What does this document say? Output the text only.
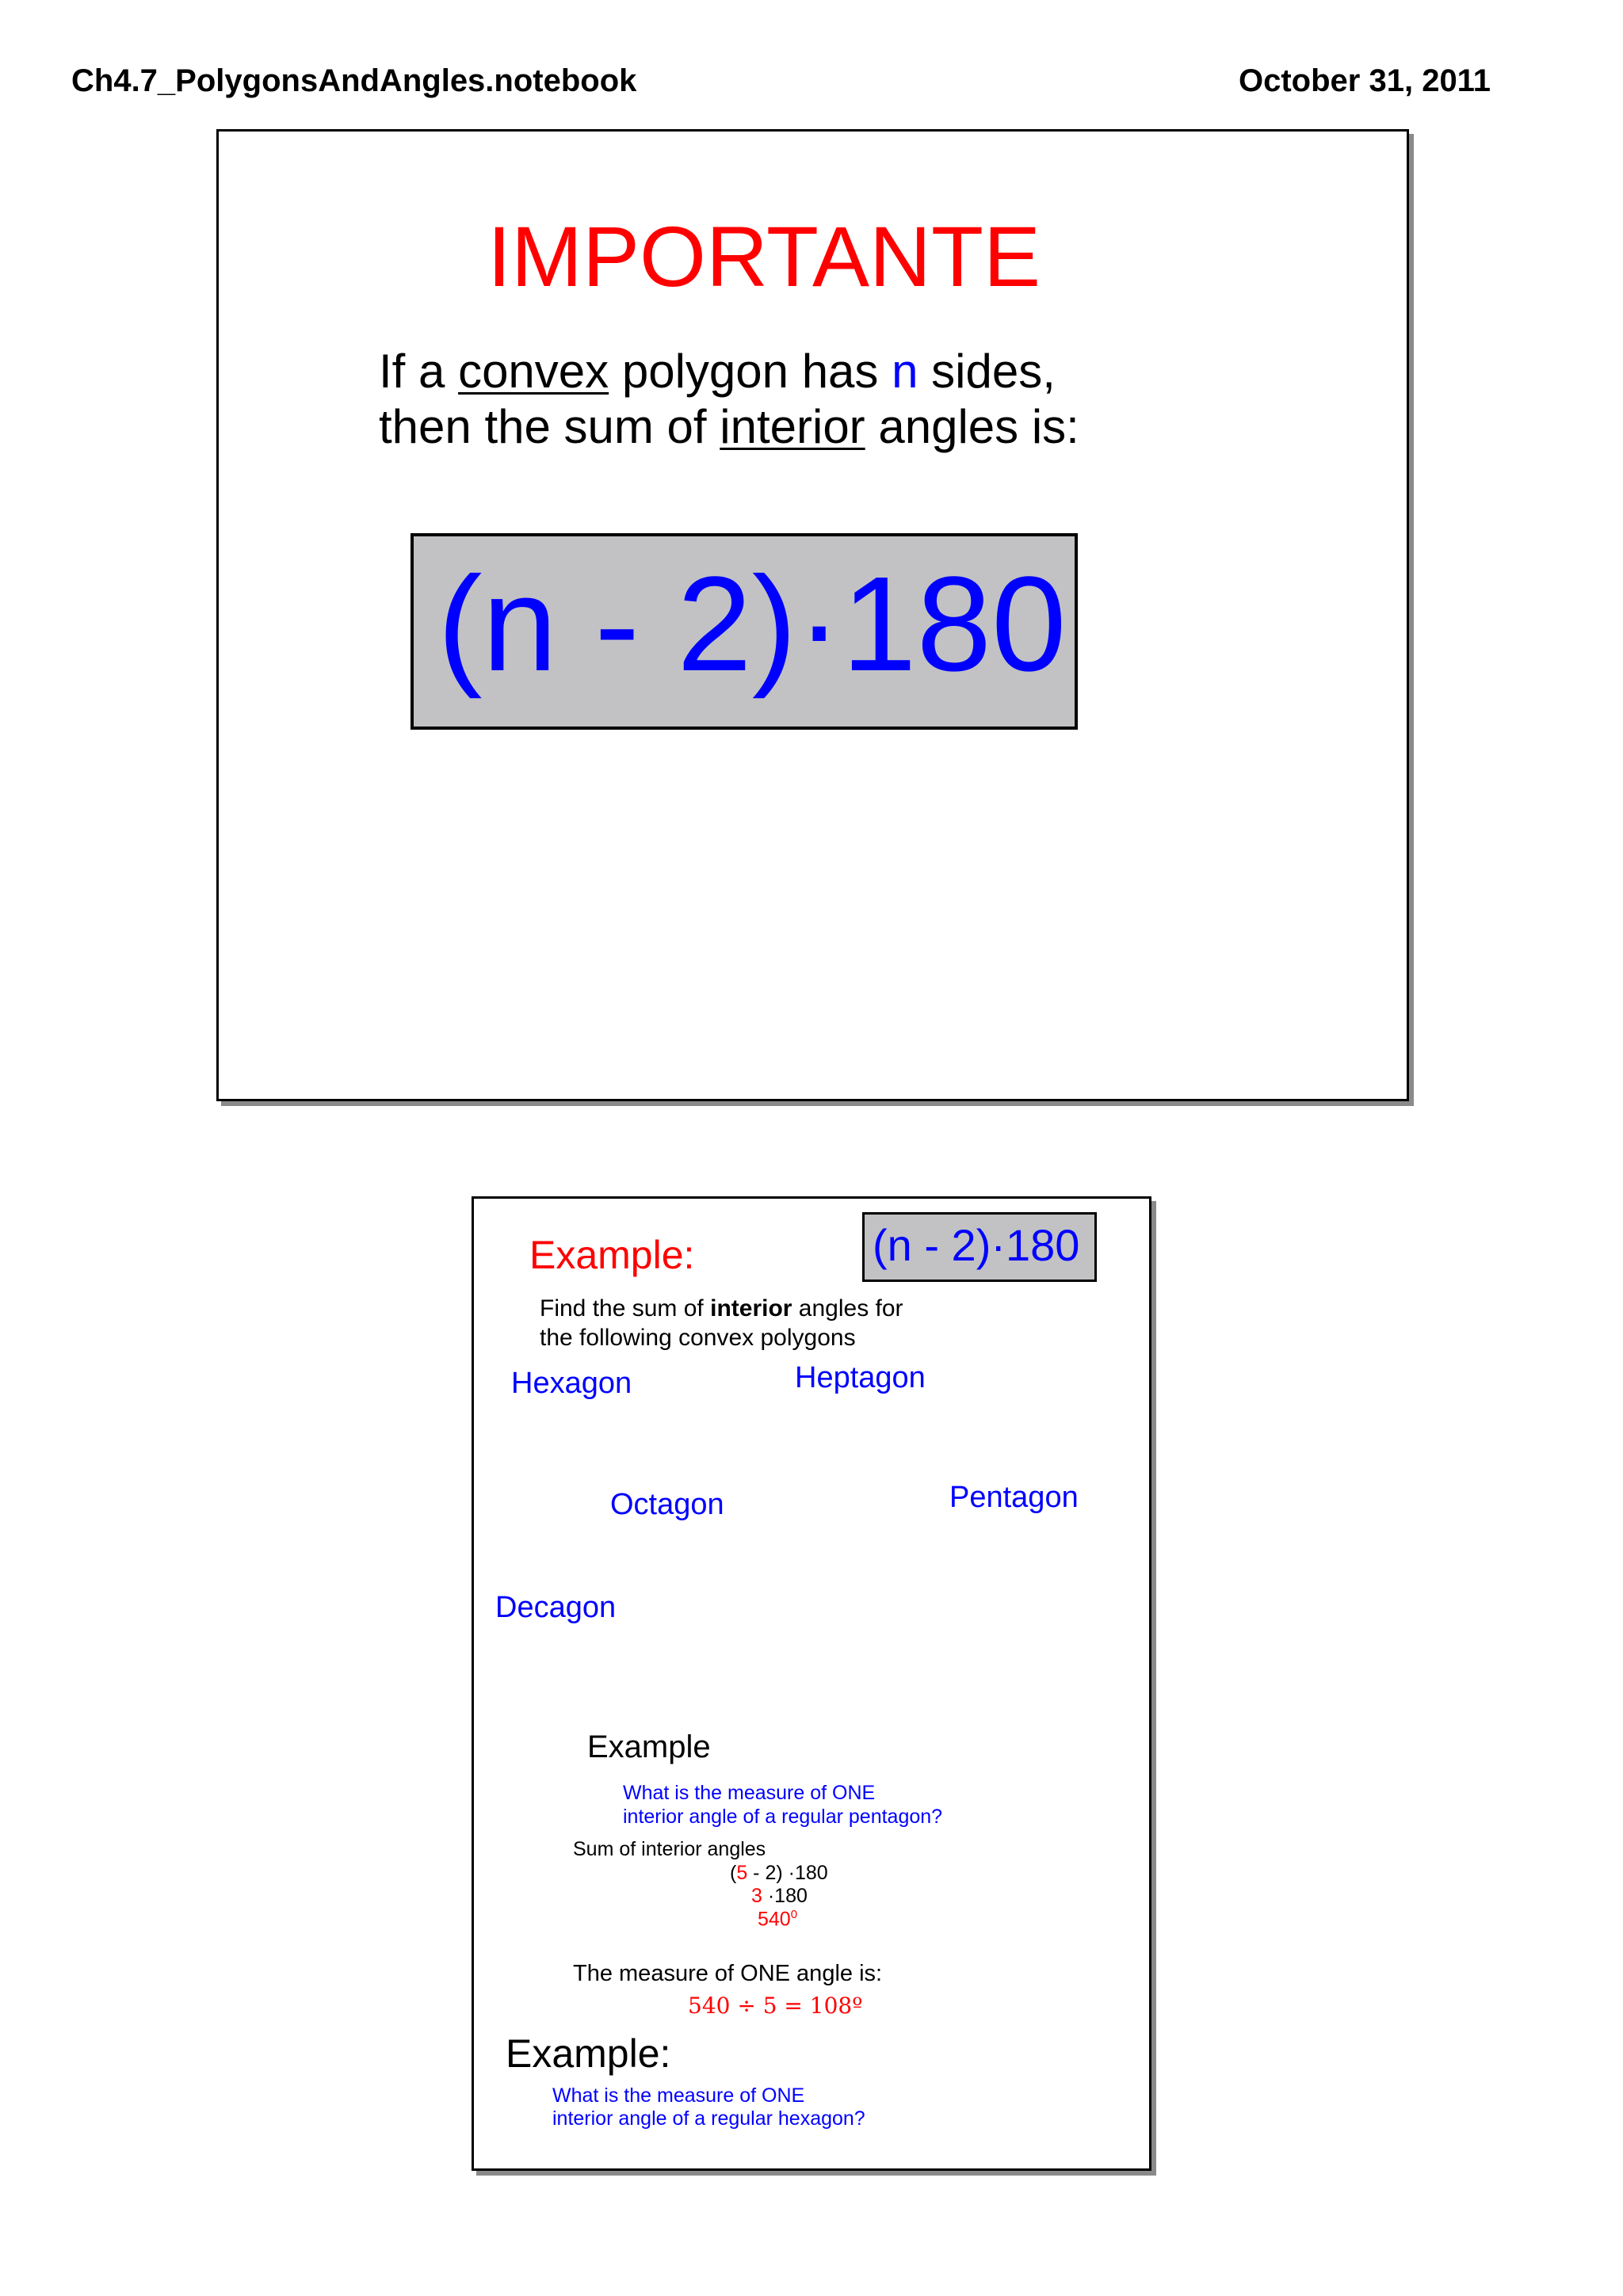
Ch4.7_PolygonsAndAngles.notebook	October 31, 2011
IMPORTANTE
If a convex polygon has n sides,
then the sum of interior angles is:
(n - 2)·180
Example:	(n - 2)·180
Find the sum of interior angles for
the following convex polygons
Hexagon	Heptagon
Octagon	Pentagon
Decagon
Example
What is the measure of ONE
interior angle of a regular pentagon?
Sum of interior angles
(5 - 2) ·180
3 ·180
$540^0$
The measure of ONE angle is:
540 ÷ 5 = 108º
Example:
What is the measure of ONE
interior angle of a regular hexagon?
